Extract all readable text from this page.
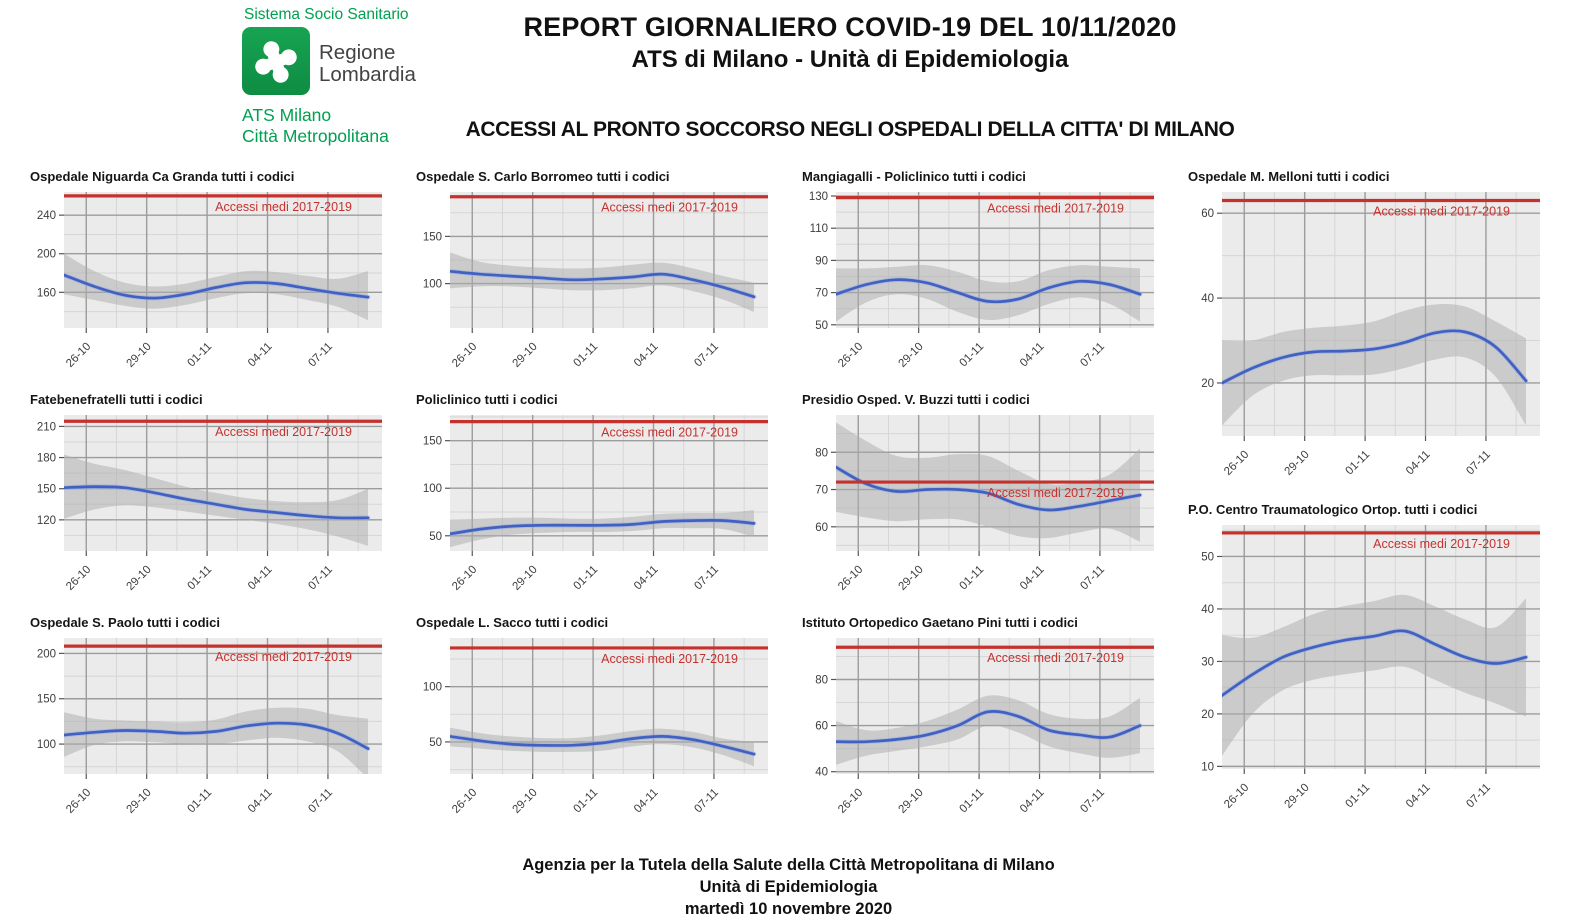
Sistema Socio Sanitario
Regione
Lombardia
ATS Milano
Città Metropolitana
REPORT GIORNALIERO COVID-19 DEL 10/11/2020
ATS di Milano - Unità di Epidemiologia
ACCESSI AL PRONTO SOCCORSO NEGLI OSPEDALI DELLA CITTA' DI MILANO
Ospedale Niguarda Ca Granda tutti i codici
Accessi medi 2017-2019
160
200
240
26-10	29-10	01-11	04-11	07-11
Fatebenefratelli tutti i codici
Accessi medi 2017-2019
120
150
180
210
26-10	29-10	01-11	04-11	07-11
Ospedale S. Paolo tutti i codici
Accessi medi 2017-2019
100
150
200
26-10	29-10	01-11	04-11	07-11
Ospedale S. Carlo Borromeo tutti i codici
Accessi medi 2017-2019
100
150
26-10	29-10	01-11	04-11	07-11
Policlinico tutti i codici
Accessi medi 2017-2019
50
100
150
26-10	29-10	01-11	04-11	07-11
Ospedale L. Sacco tutti i codici
Accessi medi 2017-2019
50
100
26-10	29-10	01-11	04-11	07-11
Mangiagalli - Policlinico tutti i codici
Accessi medi 2017-2019
50
70
90
110
130
26-10	29-10	01-11	04-11	07-11
Presidio Osped. V. Buzzi tutti i codici
Accessi medi 2017-2019
60
70
80
26-10	29-10	01-11	04-11	07-11
Istituto Ortopedico Gaetano Pini tutti i codici
Accessi medi 2017-2019
40
60
80
26-10	29-10	01-11	04-11	07-11
Ospedale M. Melloni tutti i codici
Accessi medi 2017-2019
20
40
60
26-10	29-10	01-11	04-11	07-11
P.O. Centro Traumatologico Ortop. tutti i codici
Accessi medi 2017-2019
10
20
30
40
50
26-10	29-10	01-11	04-11	07-11
Agenzia per la Tutela della Salute della Città Metropolitana di Milano
Unità di Epidemiologia
martedì 10 novembre 2020
